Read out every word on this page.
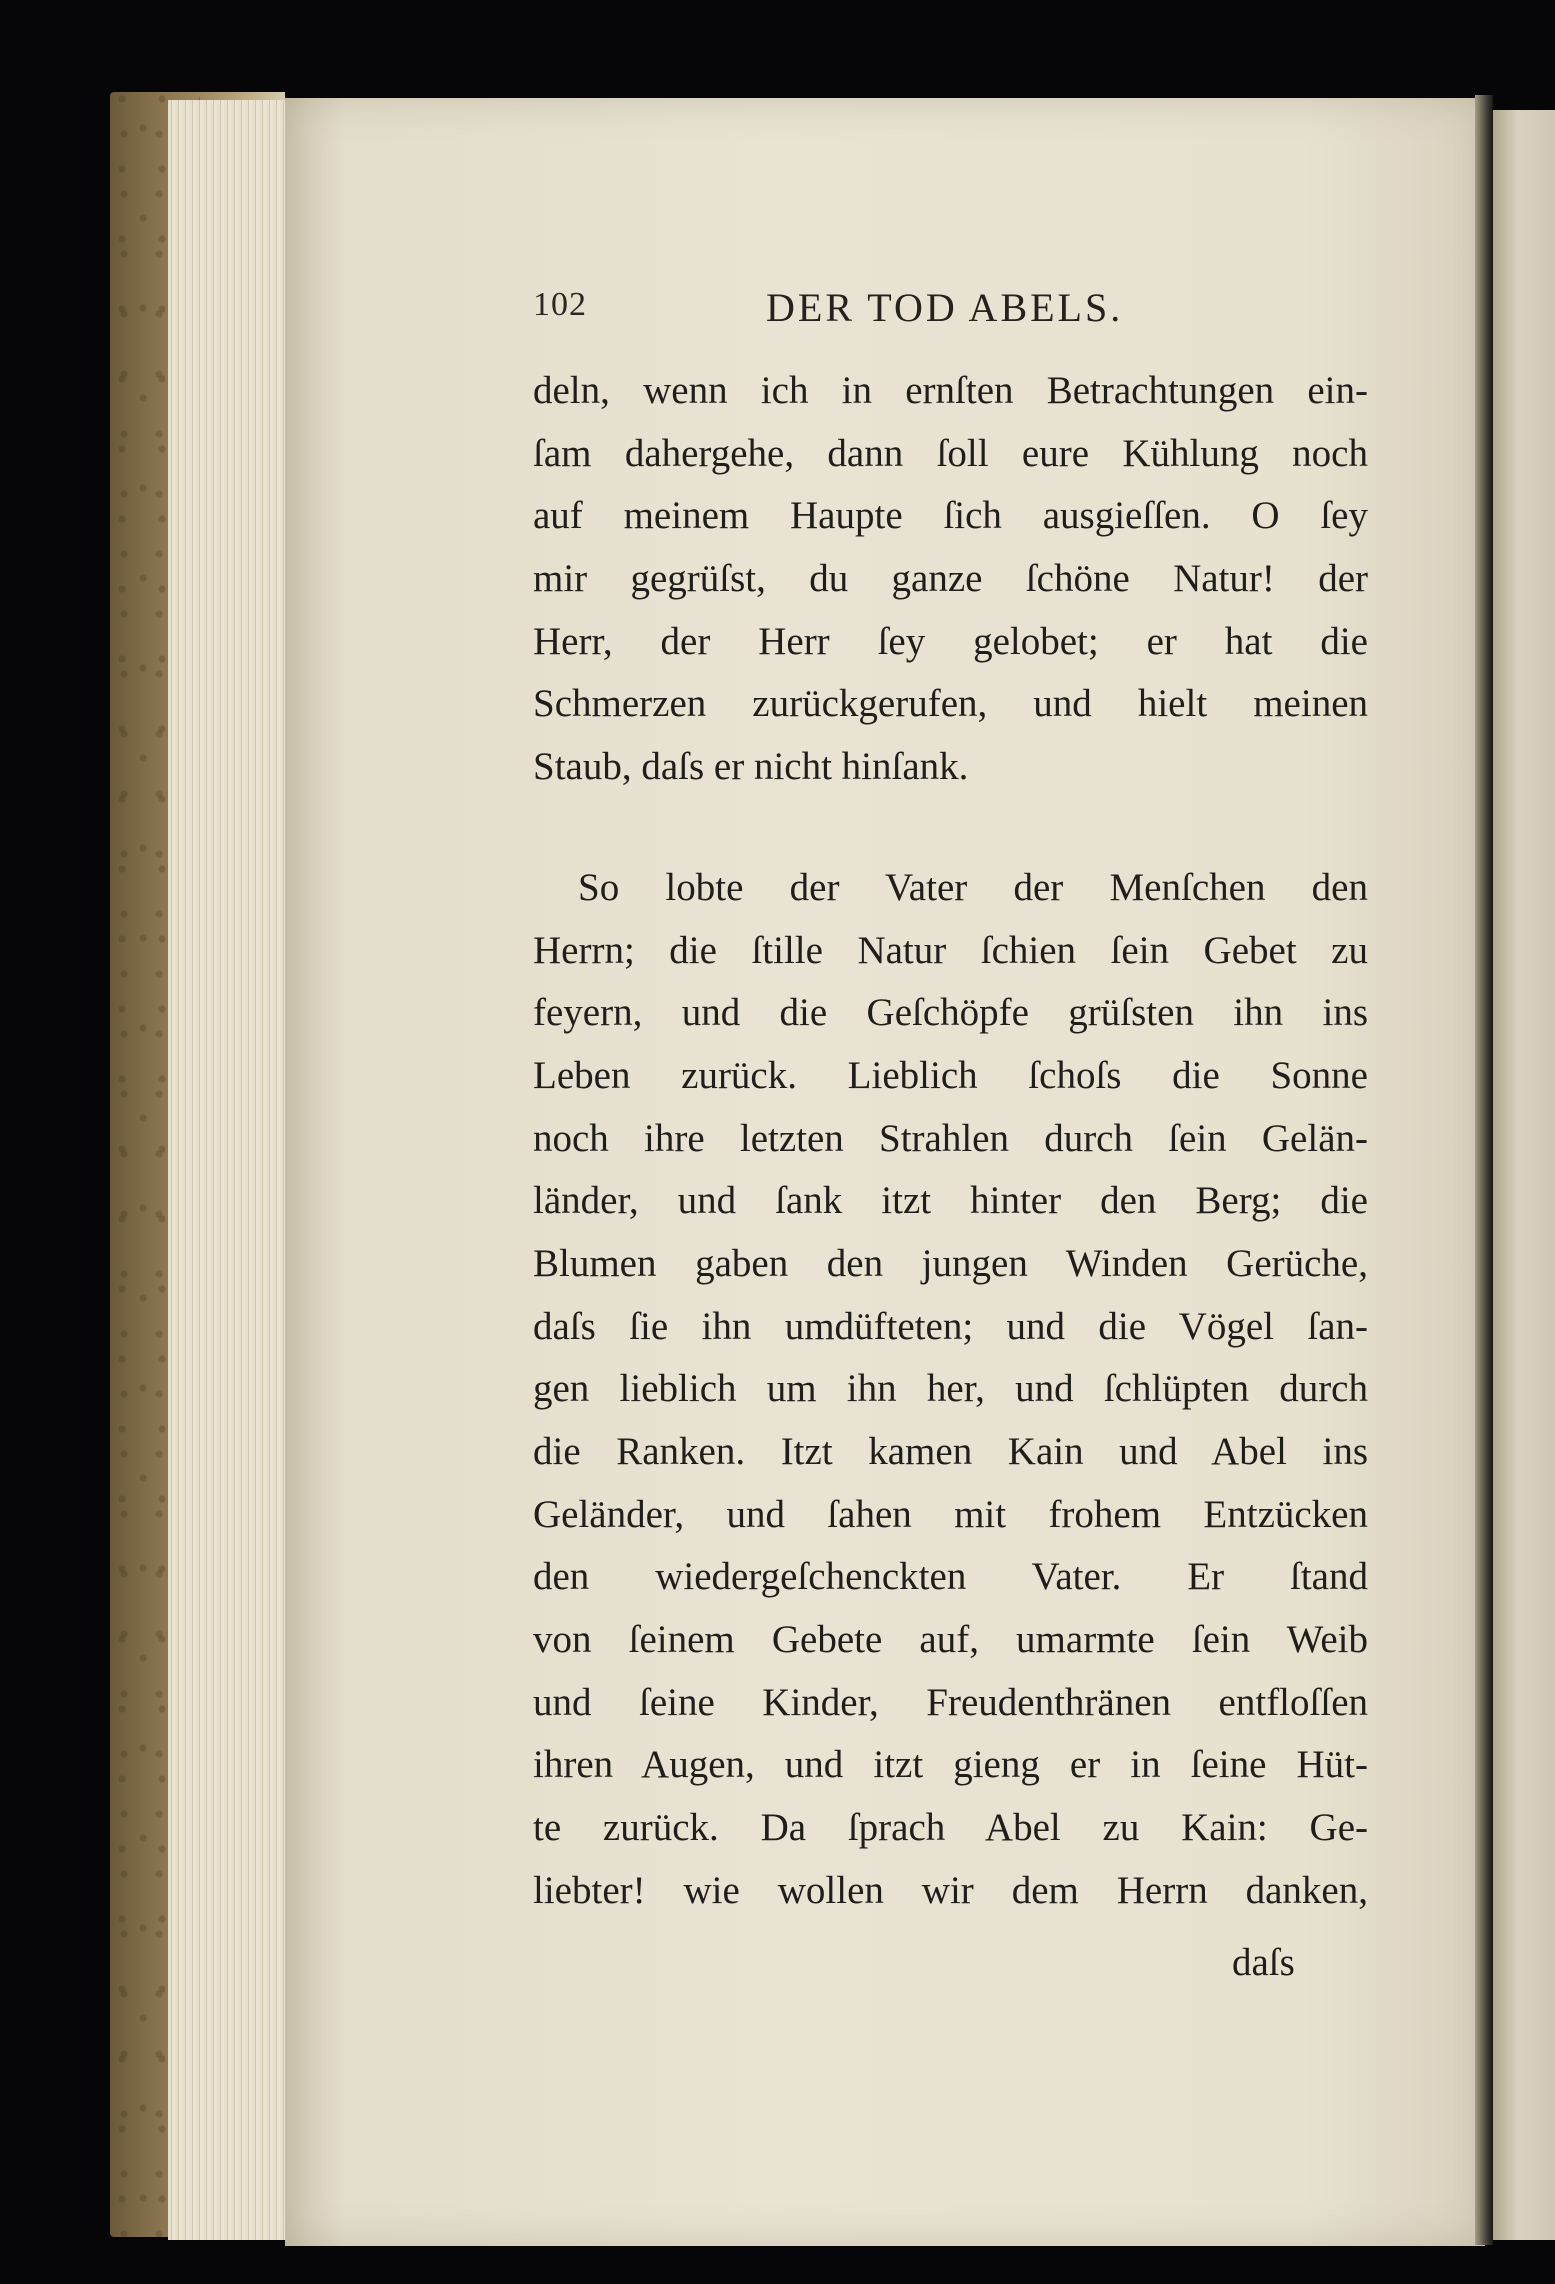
102	DER TOD ABELS.
deln, wenn ich in ernſten Betrachtungen ein-
ſam dahergehe, dann ſoll eure Kühlung noch
auf meinem Haupte ſich ausgieſſen. O ſey
mir gegrüſst, du ganze ſchöne Natur! der
Herr, der Herr ſey gelobet; er hat die
Schmerzen zurückgerufen, und hielt meinen
Staub, daſs er nicht hinſank.
So lobte der Vater der Menſchen den
Herrn; die ſtille Natur ſchien ſein Gebet zu
feyern, und die Geſchöpfe grüſsten ihn ins
Leben zurück. Lieblich ſchoſs die Sonne
noch ihre letzten Strahlen durch ſein Gelän-
länder, und ſank itzt hinter den Berg; die
Blumen gaben den jungen Winden Gerüche,
daſs ſie ihn umdüfteten; und die Vögel ſan-
gen lieblich um ihn her, und ſchlüpten durch
die Ranken. Itzt kamen Kain und Abel ins
Geländer, und ſahen mit frohem Entzücken
den wiedergeſchenckten Vater. Er ſtand
von ſeinem Gebete auf, umarmte ſein Weib
und ſeine Kinder, Freudenthränen entfloſſen
ihren Augen, und itzt gieng er in ſeine Hüt-
te zurück. Da ſprach Abel zu Kain: Ge-
liebter! wie wollen wir dem Herrn danken,
daſs
